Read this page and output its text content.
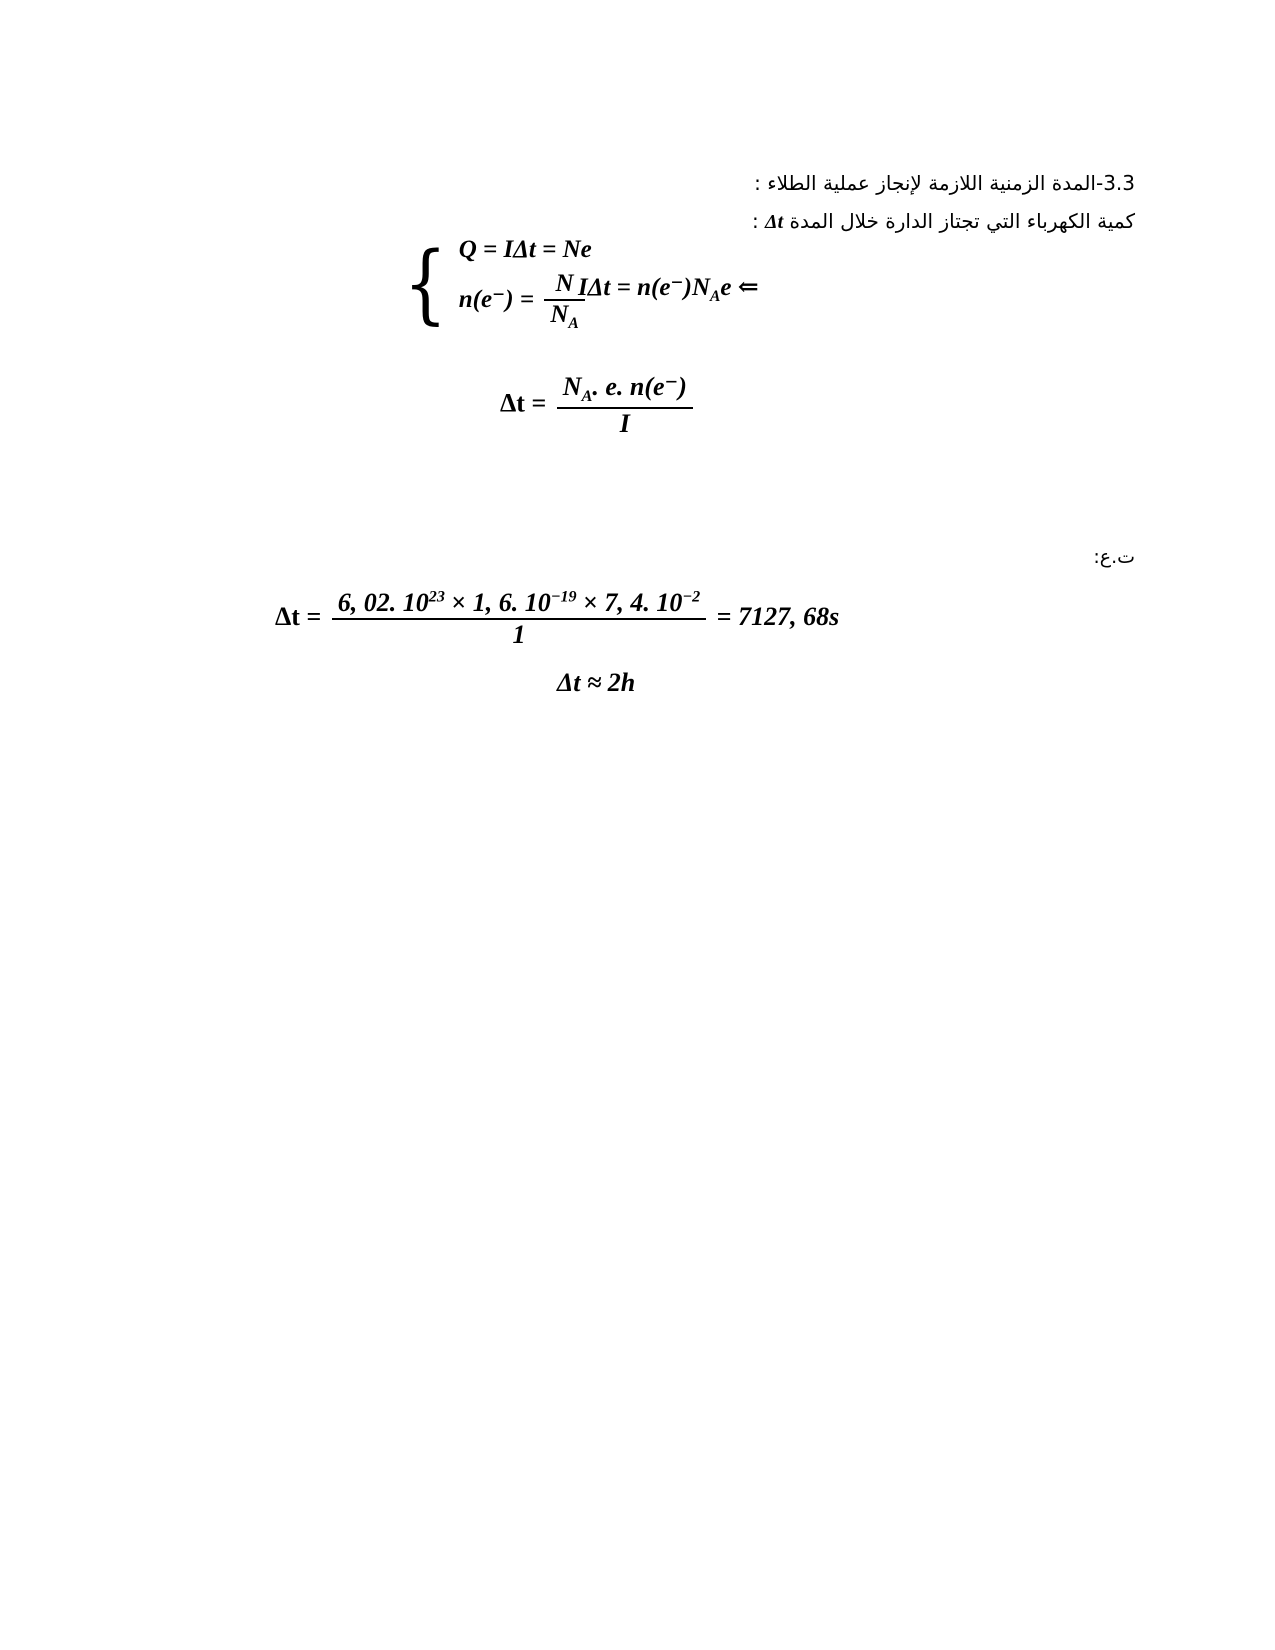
3.3-المدة الزمنية اللازمة لإنجاز عملية الطلاء :
كمية الكهرباء التي تجتاز الدارة خلال المدة Δt :
{ Q = IΔt = Ne
$n(e^-) = \frac{N}{N_A}$
$I\Delta t = n(e^-)N_Ae$ ⇐
$\Delta t = \frac{N_A. e. n(e^-)}{I}$
ت.ع:
Δt = 6, 02. $10^{23} \times 1$, 6. $10^{-19} \times 7$, 4. $10^{-2}$
1
= 7127, 68s
Δt ≈ 2h
